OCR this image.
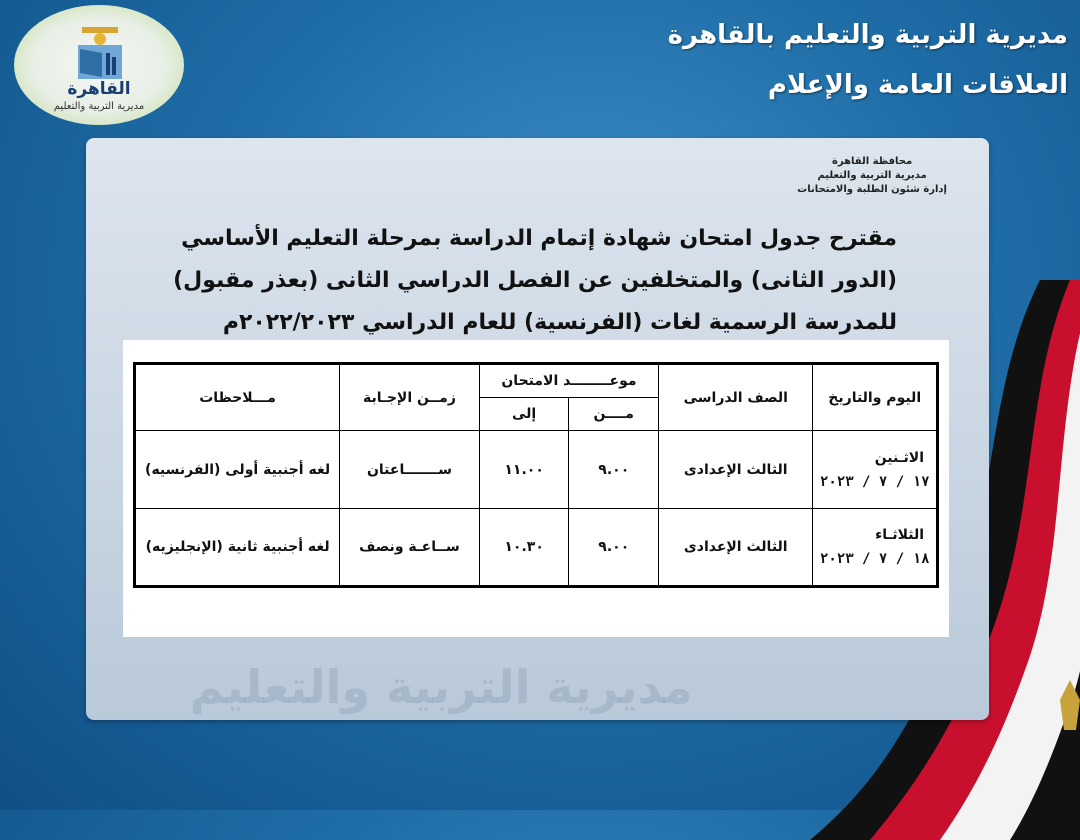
القاهرة
مديرية التربية والتعليم
مديرية التربية والتعليم بالقاهرة
العلاقات العامة والإعلام
مديرية التربية والتعليم
محافظة القاهرة
مديرية التربية والتعليم
إدارة شئون الطلبة والامتحانات
مقترح جدول امتحان شهادة إتمام الدراسة بمرحلة التعليم الأساسي
(الدور الثانى) والمتخلفين عن الفصل الدراسي الثانى (بعذر مقبول)
للمدرسة الرسمية لغات (الفرنسية) للعام الدراسي ٢٠٢٢/٢٠٢٣م
اليوم والتاريخ	الصف الدراسى	موعــــــــد الامتحان		زمــن الإجـابة	مـــلاحظات
		مــــن	إلى		

الاثـنين
١٧ / ٧ / ٢٠٢٣	الثالث الإعدادى	٩.٠٠	١١.٠٠	ســـــــاعتان	لغه أجنبية أولى (الفرنسيه)

الثلاثـاء
١٨ / ٧ / ٢٠٢٣	الثالث الإعدادى	٩.٠٠	١٠.٣٠	ســاعـة ونصف	لغه أجنبية ثانية (الإنجليزيه)
